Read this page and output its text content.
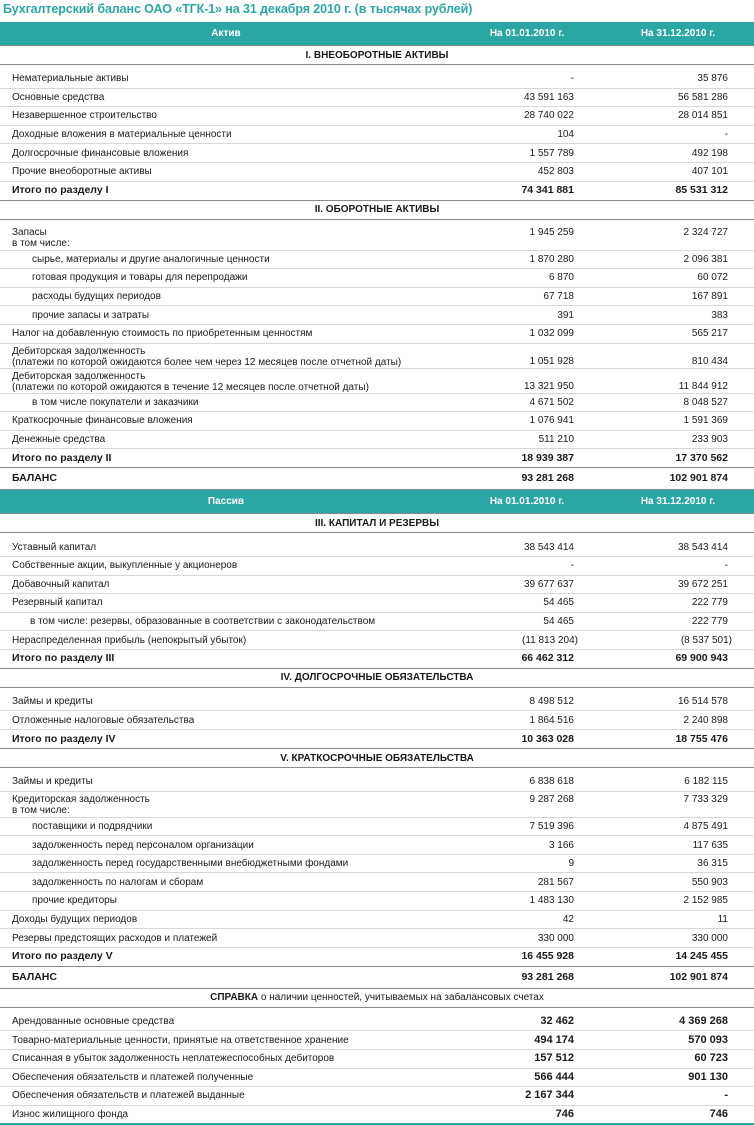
Бухгалтерский баланс ОАО «ТГК-1» на 31 декабря 2010 г. (в тысячах рублей)
Актив	На 01.01.2010 г.	На 31.12.2010 г.
I. ВНЕОБОРОТНЫЕ АКТИВЫ		

Нематериальные активы	-	35 876
Основные средства	43 591 163	56 581 286
Незавершенное строительство	28 740 022	28 014 851
Доходные вложения в материальные ценности	104	-
Долгосрочные финансовые вложения	1 557 789	492 198
Прочие внеоборотные активы	452 803	407 101
Итого по разделу I	74 341 881	85 531 312
II. ОБОРОТНЫЕ АКТИВЫ		

Запасы
в том числе:	1 945 259	2 324 727
сырье, материалы и другие аналогичные ценности	1 870 280	2 096 381
готовая продукция и товары для перепродажи	6 870	60 072
расходы будущих периодов	67 718	167 891
прочие запасы и затраты	391	383
Налог на добавленную стоимость по приобретенным ценностям	1 032 099	565 217

Дебиторская задолженность
(платежи по которой ожидаются более чем через 12 месяцев после отчетной даты)	1 051 928	810 434

Дебиторская задолженность
(платежи по которой ожидаются в течение 12 месяцев после отчетной даты)	13 321 950	11 844 912
в том числе покупатели и заказчики	4 671 502	8 048 527
Краткосрочные финансовые вложения	1 076 941	1 591 369
Денежные средства	511 210	233 903
Итого по разделу II	18 939 387	17 370 562
БАЛАНС	93 281 268	102 901 874
Пассив	На 01.01.2010 г.	На 31.12.2010 г.
III. КАПИТАЛ И РЕЗЕРВЫ		

Уставный капитал	38 543 414	38 543 414
Собственные акции, выкупленные у акционеров	-	-
Добавочный капитал	39 677 637	39 672 251
Резервный капитал	54 465	222 779
в том числе: резервы, образованные в соответствии с законодательством	54 465	222 779
Нераспределенная прибыль (непокрытый убыток)	(11 813 204)	(8 537 501)
Итого по разделу III	66 462 312	69 900 943
IV. ДОЛГОСРОЧНЫЕ ОБЯЗАТЕЛЬСТВА		

Займы и кредиты	8 498 512	16 514 578
Отложенные налоговые обязательства	1 864 516	2 240 898
Итого по разделу IV	10 363 028	18 755 476
V. КРАТКОСРОЧНЫЕ ОБЯЗАТЕЛЬСТВА		

Займы и кредиты	6 838 618	6 182 115

Кредиторская задолженность
в том числе:	9 287 268	7 733 329
поставщики и подрядчики	7 519 396	4 875 491
задолженность перед персоналом организации	3 166	117 635
задолженность перед государственными внебюджетными фондами	9	36 315
задолженность по налогам и сборам	281 567	550 903
прочие кредиторы	1 483 130	2 152 985
Доходы будущих периодов	42	11
Резервы предстоящих расходов и платежей	330 000	330 000
Итого по разделу V	16 455 928	14 245 455
БАЛАНС	93 281 268	102 901 874
СПРАВКА о наличии ценностей, учитываемых на забалансовых счетах		

Арендованные основные средства	32 462	4 369 268
Товарно-материальные ценности, принятые на ответственное хранение	494 174	570 093
Списанная в убыток задолженность неплатежеспособных дебиторов	157 512	60 723
Обеспечения обязательств и платежей полученные	566 444	901 130
Обеспечения обязательств и платежей выданные	2 167 344	-
Износ жилищного фонда	746	746
